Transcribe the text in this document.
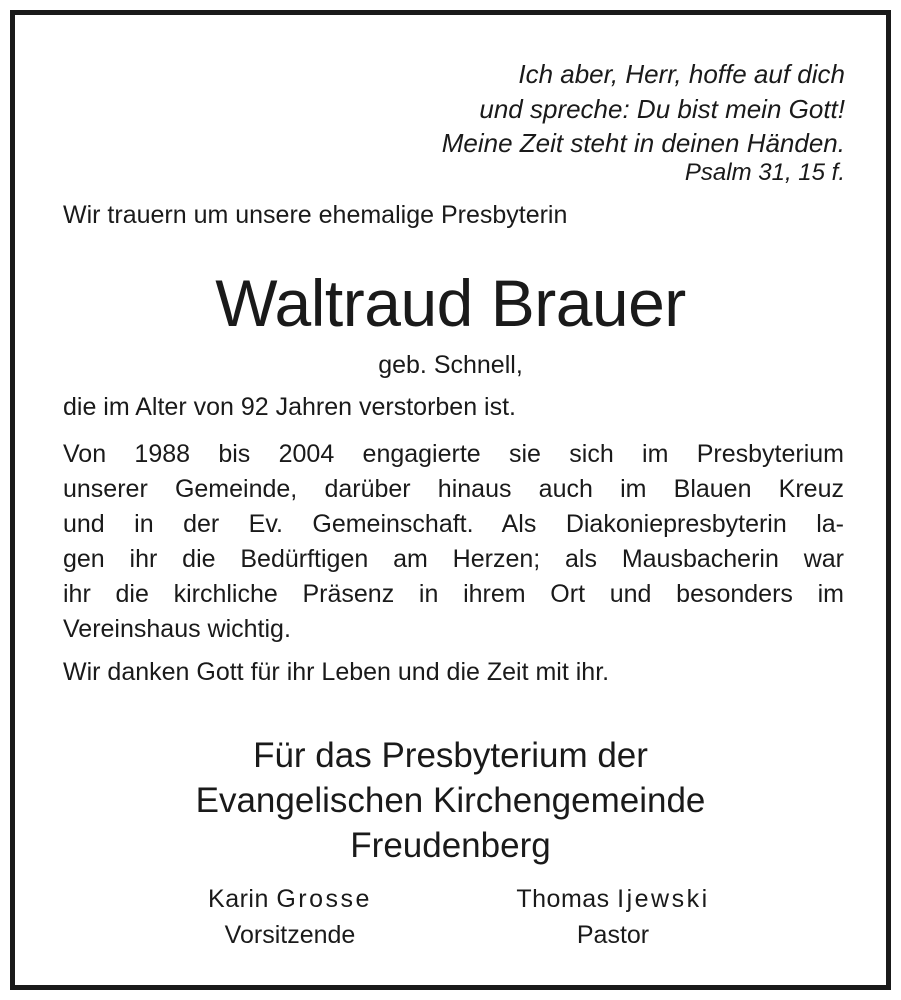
Ich aber, Herr, hoffe auf dich
und spreche: Du bist mein Gott!
Meine Zeit steht in deinen Händen.
Psalm 31, 15 f.
Wir trauern um unsere ehemalige Presbyterin
Waltraud Brauer
geb. Schnell,
die im Alter von 92 Jahren verstorben ist.
Von 1988 bis 2004 engagierte sie sich im Presbyterium
unserer Gemeinde, darüber hinaus auch im Blauen Kreuz
und in der Ev. Gemeinschaft. Als Diakoniepresbyterin la-
gen ihr die Bedürftigen am Herzen; als Mausbacherin war
ihr die kirchliche Präsenz in ihrem Ort und besonders im
Vereinshaus wichtig.
Wir danken Gott für ihr Leben und die Zeit mit ihr.
Für das Presbyterium der
Evangelischen Kirchengemeinde
Freudenberg
Karin Grosse
Vorsitzende
Thomas Ijewski
Pastor
